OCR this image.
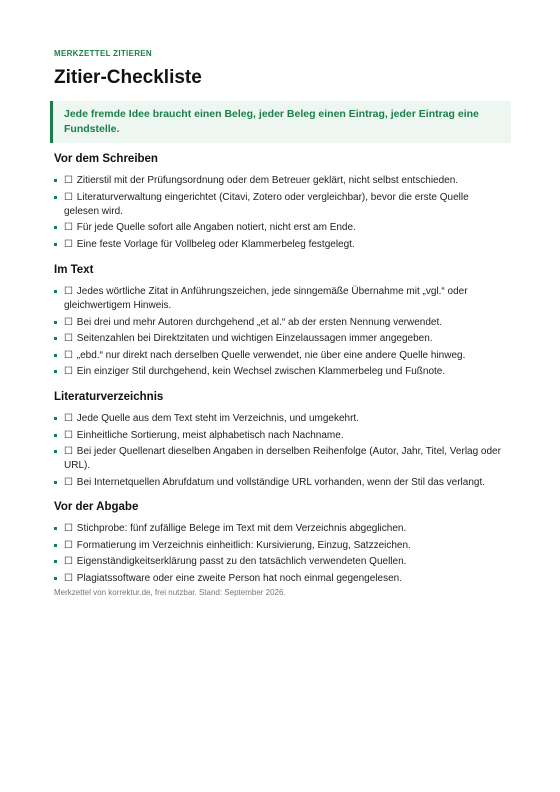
MERKZETTEL ZITIEREN
Zitier-Checkliste
Jede fremde Idee braucht einen Beleg, jeder Beleg einen Eintrag, jeder Eintrag eine Fundstelle.
Vor dem Schreiben
☐ Zitierstil mit der Prüfungsordnung oder dem Betreuer geklärt, nicht selbst entschieden.
☐ Literaturverwaltung eingerichtet (Citavi, Zotero oder vergleichbar), bevor die erste Quelle gelesen wird.
☐ Für jede Quelle sofort alle Angaben notiert, nicht erst am Ende.
☐ Eine feste Vorlage für Vollbeleg oder Klammerbeleg festgelegt.
Im Text
☐ Jedes wörtliche Zitat in Anführungszeichen, jede sinngemäße Übernahme mit „vgl.“ oder gleichwertigem Hinweis.
☐ Bei drei und mehr Autoren durchgehend „et al.“ ab der ersten Nennung verwendet.
☐ Seitenzahlen bei Direktzitaten und wichtigen Einzelaussagen immer angegeben.
☐ „ebd.“ nur direkt nach derselben Quelle verwendet, nie über eine andere Quelle hinweg.
☐ Ein einziger Stil durchgehend, kein Wechsel zwischen Klammerbeleg und Fußnote.
Literaturverzeichnis
☐ Jede Quelle aus dem Text steht im Verzeichnis, und umgekehrt.
☐ Einheitliche Sortierung, meist alphabetisch nach Nachname.
☐ Bei jeder Quellenart dieselben Angaben in derselben Reihenfolge (Autor, Jahr, Titel, Verlag oder URL).
☐ Bei Internetquellen Abrufdatum und vollständige URL vorhanden, wenn der Stil das verlangt.
Vor der Abgabe
☐ Stichprobe: fünf zufällige Belege im Text mit dem Verzeichnis abgeglichen.
☐ Formatierung im Verzeichnis einheitlich: Kursivierung, Einzug, Satzzeichen.
☐ Eigenständigkeitserklärung passt zu den tatsächlich verwendeten Quellen.
☐ Plagiatssoftware oder eine zweite Person hat noch einmal gegengelesen.
Merkzettel von korrektur.de, frei nutzbar. Stand: September 2026.
